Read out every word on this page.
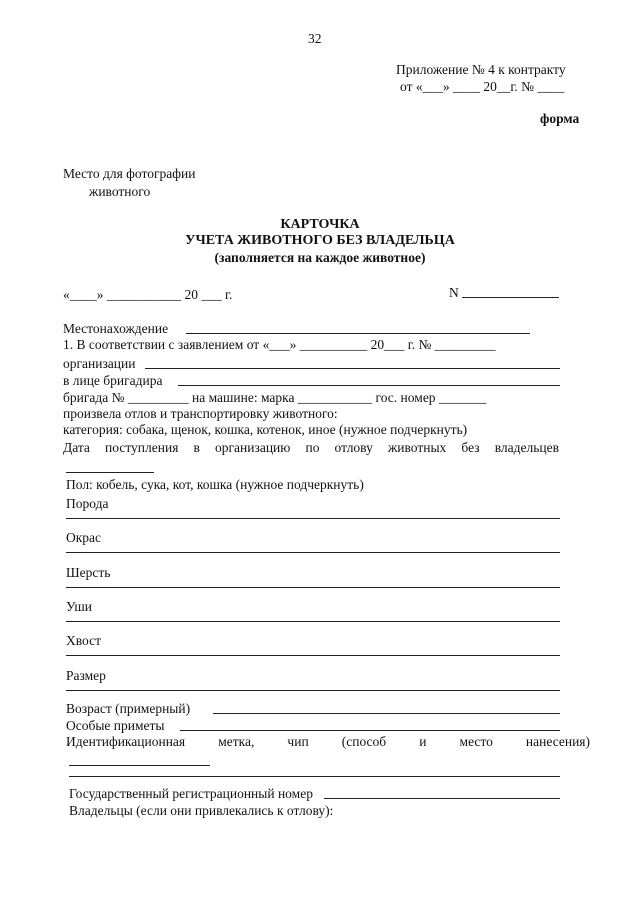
32
Приложение № 4 к контракту
от «___» ____ 20__г. № ____
форма
Место для фотографии
животного
КАРТОЧКА
УЧЕТА ЖИВОТНОГО БЕЗ ВЛАДЕЛЬЦА
(заполняется на каждое животное)
«____» ___________ 20 ___ г.	N
Местонахождение
1. В соответствии с заявлением от «___» __________ 20___ г. № _________
организации
в лице бригадира
бригада № _________ на машине: марка ___________ гос. номер _______
произвела отлов и транспортировку животного:
категория: собака, щенок, кошка, котенок, иное (нужное подчеркнуть)
Дата поступления в организацию по отлову животных без владельцев
Пол: кобель, сука, кот, кошка (нужное подчеркнуть)
Порода
Окрас
Шерсть
Уши
Хвост
Размер
Возраст (примерный)
Особые приметы
Идентификационная метка, чип (способ и место нанесения)
Государственный регистрационный номер
Владельцы (если они привлекались к отлову):
